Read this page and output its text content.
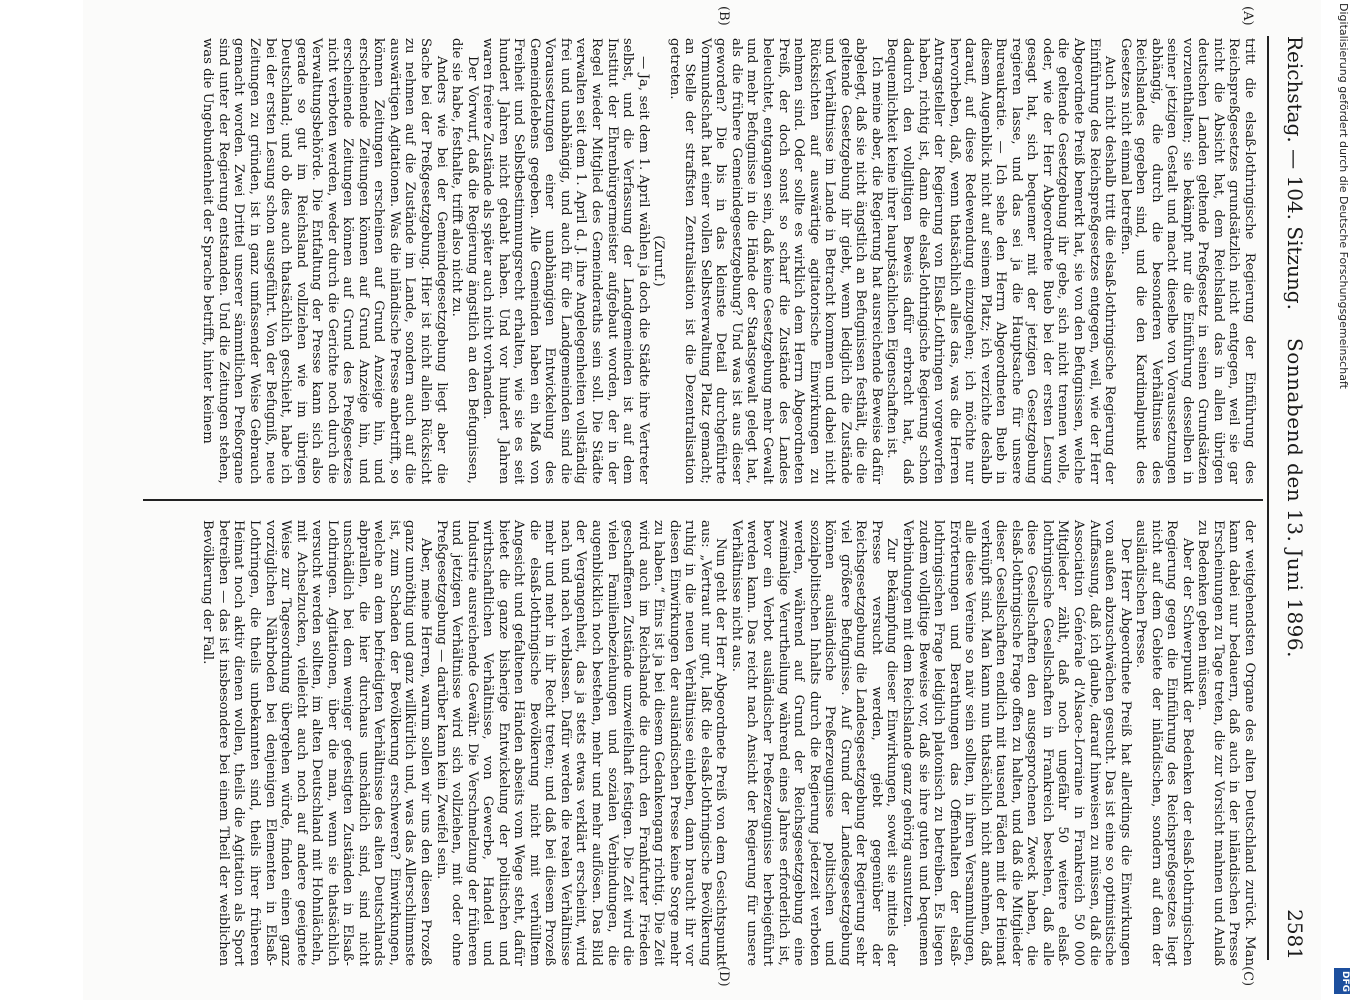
Reichstag. — 104. Sitzung.
Sonnabend den 13. Juni 1896.
2581
(A)
(B)
(C)
(D)

tritt die elsaß-lothringische Regierung der Einführung des Reichspreßgesetzes grundsätzlich nicht entgegen, weil sie gar nicht die Absicht hat, dem Reichsland das in allen übrigen deutschen Landen geltende Preßgesetz in seinen Grundsätzen vorzuenthalten; sie bekämpft nur die Einführung desselben in seiner jetzigen Gestalt und macht dieselbe von Voraussetzungen abhängig, die durch die besonderen Verhältnisse des Reichslandes gegeben sind, und die den Kardinalpunkt des Gesetzes nicht einmal betreffen.

Auch nicht deshalb tritt die elsaß-lothringische Regierung der Einführung des Reichspreßgesetzes entgegen, weil, wie der Herr Abgeordnete Preiß bemerkt hat, sie von den Befugnissen, welche die geltende Gesetzgebung ihr gebe, sich nicht trennen wolle, oder, wie der Herr Abgeordnete Bueb bei der ersten Lesung gesagt hat, sich bequemer mit der jetzigen Gesetzgebung regieren lasse, und das sei ja die Hauptsache für unsere Bureaukratie. — Ich sehe den Herrn Abgeordneten Bueb in diesem Augenblick nicht auf seinem Platz; ich verzichte deshalb darauf, auf diese Redewendung einzugehen; ich möchte nur hervorheben, daß, wenn thatsächlich alles das, was die Herren Antragsteller der Regierung von Elsaß-Lothringen vorgeworfen haben, richtig ist, dann die elsaß-lothringische Regierung schon dadurch den vollgiltigen Beweis dafür erbracht hat, daß Bequemlichkeit keine ihrer hauptsächlichen Eigenschaften ist.

Ich meine aber, die Regierung hat ausreichende Beweise dafür abgelegt, daß sie nicht ängstlich an Befugnissen festhält, die die geltende Gesetzgebung ihr giebt, wenn lediglich die Zustände und Verhältnisse im Lande in Betracht kommen und dabei nicht Rücksichten auf auswärtige agitatorische Einwirkungen zu nehmen sind. Oder sollte es wirklich dem Herrn Abgeordneten Preiß, der doch sonst so scharf die Zustände des Landes beleuchtet, entgangen sein, daß keine Gesetzgebung mehr Gewalt und mehr Befugnisse in die Hände der Staatsgewalt gelegt hat, als die frühere Gemeindegesetzgebung? Und was ist aus dieser geworden? Die bis in das kleinste Detail durchgeführte Vormundschaft hat einer vollen Selbstverwaltung Platz gemacht; an Stelle der straffsten Zentralisation ist die Dezentralisation getreten.

(Zuruf.)

— Ja, seit dem 1. April wählen ja doch die Städte ihre Vertreter selbst, und die Verfassung der Landgemeinden ist auf dem Institut der Ehrenbürgermeister aufgebaut worden, der in der Regel wieder Mitglied des Gemeinderaths sein soll. Die Städte verwalten seit dem 1. April d. J. ihre Angelegenheiten vollständig frei und unabhängig, und auch für die Landgemeinden sind die Voraussetzungen einer unabhängigen Entwickelung des Gemeindelebens gegeben. Alle Gemeinden haben ein Maß von Freiheit und Selbstbestimmungsrecht erhalten, wie sie es seit hundert Jahren nicht gehabt haben. Und vor hundert Jahren waren freiere Zustände als später auch nicht vorhanden.

Der Vorwurf, daß die Regierung ängstlich an den Befugnissen, die sie habe, festhalte, trifft also nicht zu.

Anders wie bei der Gemeindegesetzgebung liegt aber die Sache bei der Preßgesetzgebung. Hier ist nicht allein Rücksicht zu nehmen auf die Zustände im Lande, sondern auch auf die auswärtigen Agitationen. Was die inländische Presse anbetrifft, so können Zeitungen erscheinen auf Grund Anzeige hin, und erscheinende Zeitungen können auf Grund Anzeige hin, und erscheinende Zeitungen können auf Grund des Preßgesetzes nicht verboten werden, weder durch die Gerichte noch durch die Verwaltungsbehörde. Die Entfaltung der Presse kann sich also gerade so gut im Reichsland vollziehen wie im übrigen Deutschland; und ob dies auch thatsächlich geschieht, habe ich bei der ersten Lesung schon ausgeführt. Von der Befugniß, neue Zeitungen zu gründen, ist in ganz umfassender Weise Gebrauch gemacht worden. Zwei Drittel unserer sämmtlichen Preßorgane sind unter der Regierung entstanden. Und die Zeitungen stehen, was die Ungebundenheit der Sprache betrifft, hinter keinem

der weitgehendsten Organe des alten Deutschland zurück. Man kann dabei nur bedauern, daß auch in der inländischen Presse Erscheinungen zu Tage treten, die zur Vorsicht mahnen und Anlaß zu Bedenken geben müssen.

Aber der Schwerpunkt der Bedenken der elsaß-lothringischen Regierung gegen die Einführung des Reichspreßgesetzes liegt nicht auf dem Gebiete der inländischen, sondern auf dem der ausländischen Presse.

Der Herr Abgeordnete Preiß hat allerdings die Einwirkungen von außen abzuschwächen gesucht. Das ist eine so optimistische Auffassung, daß ich glaube, darauf hinweisen zu müssen, daß die Association Générale d'Alsace-Lorraine in Frankreich 50 000 Mitglieder zählt, daß noch ungefähr 50 weitere elsaß-lothringische Gesellschaften in Frankreich bestehen, daß alle diese Gesellschaften den ausgesprochenen Zweck haben, die elsaß-lothringische Frage offen zu halten, und daß die Mitglieder dieser Gesellschaften endlich mit tausend Fäden mit der Heimat verknüpft sind. Man kann nun thatsächlich nicht annehmen, daß alle diese Vereine so naiv sein sollten, in ihren Versammlungen, Erörterungen und Berathungen das Offenhalten der elsaß-lothringischen Frage lediglich platonisch zu betreiben. Es liegen zudem vollgiltige Beweise vor, daß sie ihre guten und bequemen Verbindungen mit dem Reichslande ganz gehörig ausnutzen.

Zur Bekämpfung dieser Einwirkungen, soweit sie mittels der Presse versucht werden, giebt gegenüber der Reichsgesetzgebung die Landesgesetzgebung der Regierung sehr viel größere Befugnisse. Auf Grund der Landesgesetzgebung können ausländische Preßerzeugnisse politischen und sozialpolitischen Inhalts durch die Regierung jederzeit verboten werden, während auf Grund der Reichsgesetzgebung eine zweimalige Verurtheilung während eines Jahres erforderlich ist, bevor ein Verbot ausländischer Preßerzeugnisse herbeigeführt werden kann. Das reicht nach Ansicht der Regierung für unsere Verhältnisse nicht aus.

Nun geht der Herr Abgeordnete Preiß von dem Gesichtspunkt aus: „Vertraut nur gut, laßt die elsaß-lothringische Bevölkerung ruhig in die neuen Verhältnisse einleben, dann braucht ihr vor diesen Einwirkungen der ausländischen Presse keine Sorge mehr zu haben.“ Eins ist ja bei diesem Gedankengang richtig. Die Zeit wird auch im Reichslande die durch den Frankfurter Frieden geschaffenen Zustände unzweifelhaft festigen. Die Zeit wird die vielen Familienbeziehungen und sozialen Verbindungen, die augenblicklich noch bestehen, mehr und mehr auflösen. Das Bild der Vergangenheit, das ja stets etwas verklärt erscheint, wird nach und nach verblassen. Dafür werden die realen Verhältnisse mehr und mehr in ihr Recht treten; und daß bei diesem Prozeß die elsaß-lothringische Bevölkerung nicht mit verhülltem Angesicht und gefaltenen Händen abseits vom Wege steht, dafür bietet die ganze bisherige Entwickelung der politischen und wirthschaftlichen Verhältnisse, von Gewerbe, Handel und Industrie ausreichende Gewähr. Die Verschmelzung der früheren und jetzigen Verhältnisse wird sich vollziehen, mit oder ohne Preßgesetzgebung — darüber kann kein Zweifel sein.

Aber, meine Herren, warum sollen wir uns den diesen Prozeß ganz unnöthig und ganz willkürlich und, was das Allerschlimmste ist, zum Schaden der Bevölkerung erschweren? Einwirkungen, welche an dem befriedigten Verhältnisse des alten Deutschlands abprallen, die hier durchaus unschädlich sind, sind nicht unschädlich bei dem weniger gefestigten Zuständen in Elsaß-Lothringen. Agitationen, über die man, wenn sie thatsächlich versucht werden sollten, im alten Deutschland mit Hohnlächeln, mit Achselzucken, vielleicht auch noch auf andere geeignete Weise zur Tagesordnung übergehen würde, finden einen ganz vorzüglichen Nährboden bei denjenigen Elementen in Elsaß-Lothringen, die theils unbekannten sind, theils ihrer früheren Heimat noch aktiv dienen wollen, theils die Agitation als Sport betreiben — das ist insbesondere bei einem Theil der weiblichen Bevölkerung der Fall.

Digitalisierung gefördert durch die Deutsche Forschungsgemeinschaft
DFG
